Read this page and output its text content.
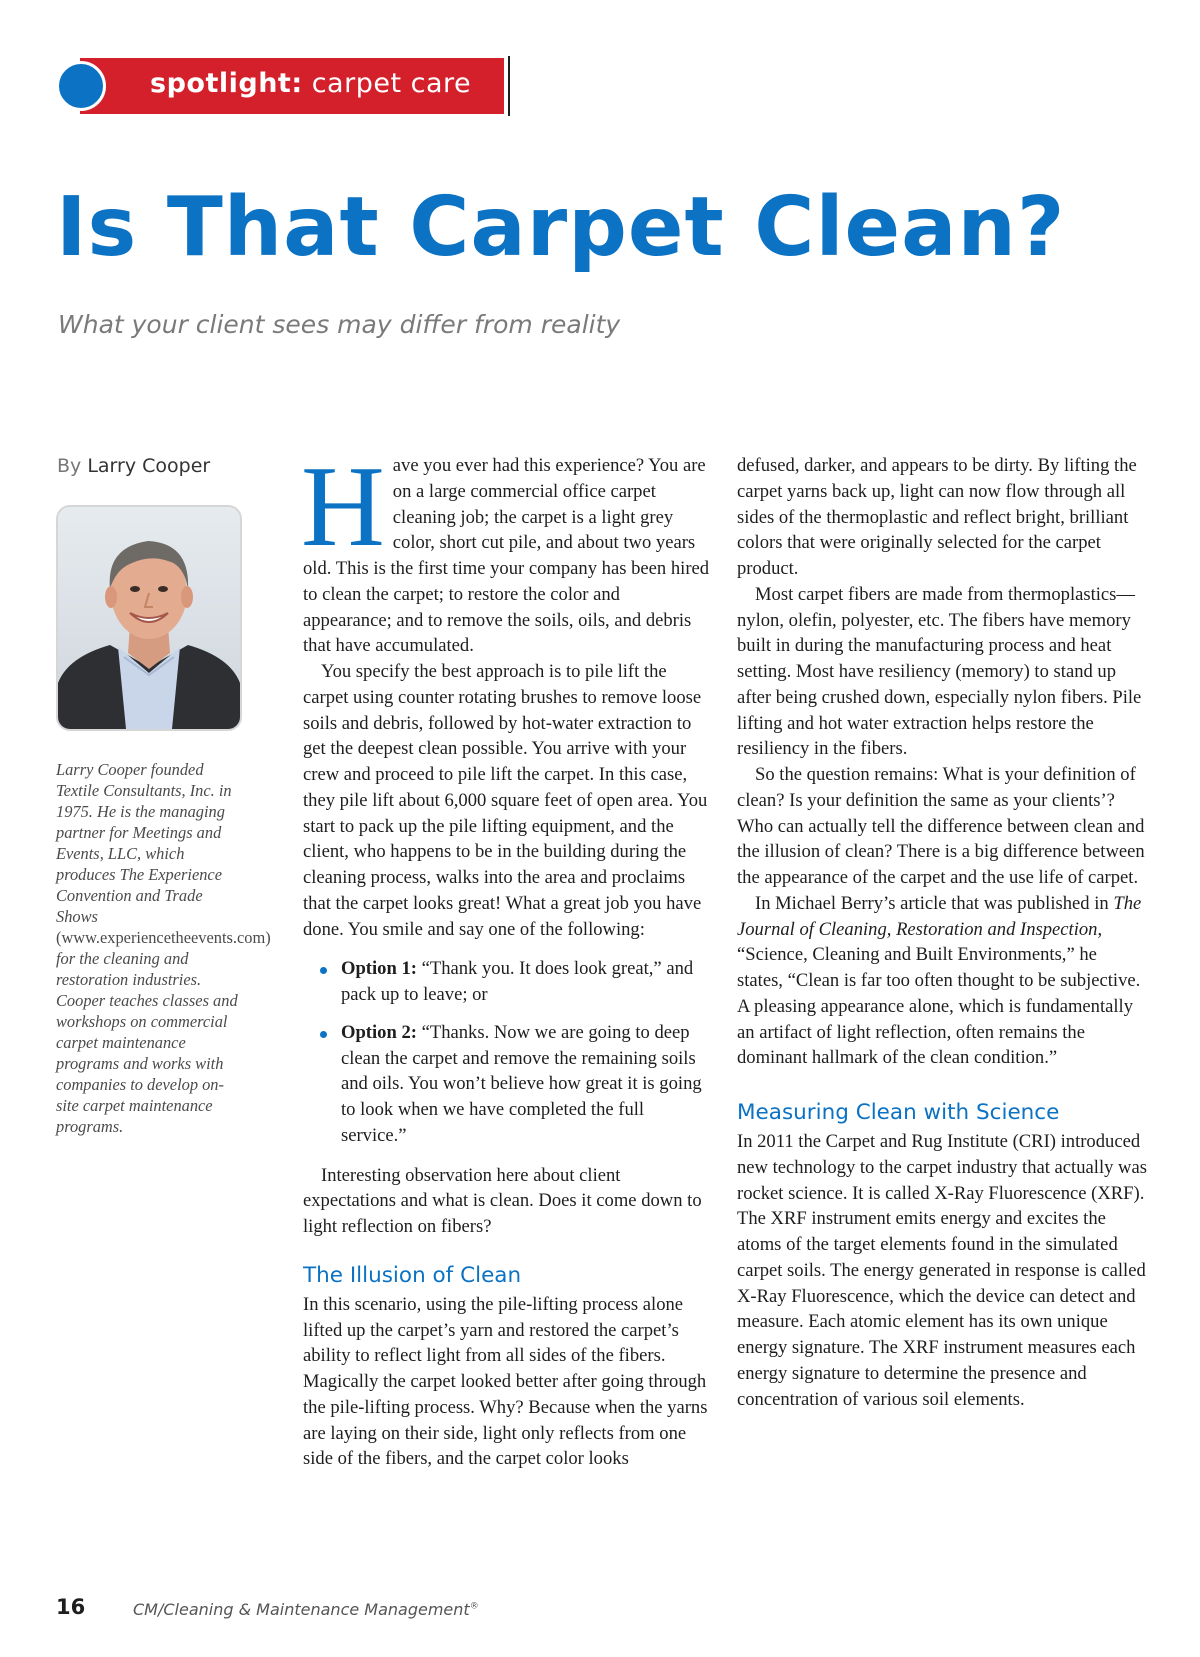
spotlight: carpet care
Is That Carpet Clean?
What your client sees may differ from reality
By Larry Cooper

Larry Cooper founded Textile Consultants, Inc. in 1975. He is the managing partner for Meetings and Events, LLC, which produces The Experience Convention and Trade Shows (www.experiencetheevents.com) for the cleaning and restoration industries. Cooper teaches classes and workshops on commercial carpet maintenance programs and works with companies to develop on-site carpet maintenance programs.

Have you ever had this experience? You are on a large commercial office carpet cleaning job; the carpet is a light grey color, short cut pile, and about two years old. This is the first time your company has been hired to clean the carpet; to restore the color and appearance; and to remove the soils, oils, and debris that have accumulated.

You specify the best approach is to pile lift the carpet using counter rotating brushes to remove loose soils and debris, followed by hot-water extraction to get the deepest clean possible. You arrive with your crew and proceed to pile lift the carpet. In this case, they pile lift about 6,000 square feet of open area. You start to pack up the pile lifting equipment, and the client, who happens to be in the building during the cleaning process, walks into the area and proclaims that the carpet looks great! What a great job you have done. You smile and say one of the following:

Option 1: “Thank you. It does look great,” and pack up to leave; or
Option 2: “Thanks. Now we are going to deep clean the carpet and remove the remaining soils and oils. You won’t believe how great it is going to look when we have completed the full service.”

Interesting observation here about client expectations and what is clean. Does it come down to light reflection on fibers?

The Illusion of Clean

In this scenario, using the pile-lifting process alone lifted up the carpet’s yarn and restored the carpet’s ability to reflect light from all sides of the fibers. Magically the carpet looked better after going through the pile-lifting process. Why? Because when the yarns are laying on their side, light only reflects from one side of the fibers, and the carpet color looks

defused, darker, and appears to be dirty. By lifting the carpet yarns back up, light can now flow through all sides of the thermoplastic and reflect bright, brilliant colors that were originally selected for the carpet product.

Most carpet fibers are made from thermoplastics—nylon, olefin, polyester, etc. The fibers have memory built in during the manufacturing process and heat setting. Most have resiliency (memory) to stand up after being crushed down, especially nylon fibers. Pile lifting and hot water extraction helps restore the resiliency in the fibers.

So the question remains: What is your definition of clean? Is your definition the same as your clients’? Who can actually tell the difference between clean and the illusion of clean? There is a big difference between the appearance of the carpet and the use life of carpet.

In Michael Berry’s article that was published in The Journal of Cleaning, Restoration and Inspection, “Science, Cleaning and Built Environments,” he states, “Clean is far too often thought to be subjective. A pleasing appearance alone, which is fundamentally an artifact of light reflection, often remains the dominant hallmark of the clean condition.”

Measuring Clean with Science

In 2011 the Carpet and Rug Institute (CRI) introduced new technology to the carpet industry that actually was rocket science. It is called X-Ray Fluorescence (XRF). The XRF instrument emits energy and excites the atoms of the target elements found in the simulated carpet soils. The energy generated in response is called X-Ray Fluorescence, which the device can detect and measure. Each atomic element has its own unique energy signature. The XRF instrument measures each energy signature to determine the presence and concentration of various soil elements.

16	CM/Cleaning & Maintenance Management®
